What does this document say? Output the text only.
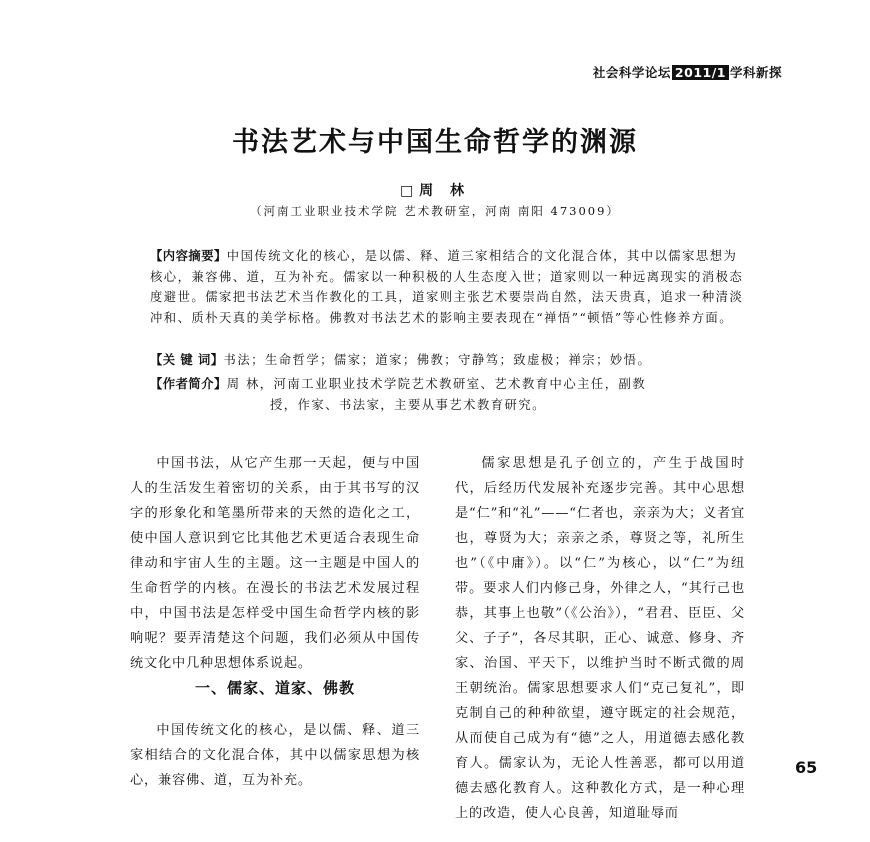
社会科学论坛 2011/1 学科新探
书法艺术与中国生命哲学的渊源
□周 林
（河南工业职业技术学院 艺术教研室，河南 南阳 473009）
【内容摘要】中国传统文化的核心，是以儒、释、道三家相结合的文化混合体，其中以儒家思想为核心，兼容佛、道，互为补充。儒家以一种积极的人生态度入世；道家则以一种远离现实的消极态度避世。儒家把书法艺术当作教化的工具，道家则主张艺术要崇尚自然，法天贵真，追求一种清淡冲和、质朴天真的美学标格。佛教对书法艺术的影响主要表现在“禅悟”“顿悟”等心性修养方面。
【关 键 词】书法；生命哲学；儒家；道家；佛教；守静笃；致虚极；禅宗；妙悟。
【作者简介】周 林，河南工业职业技术学院艺术教研室、艺术教育中心主任，副教
授，作家、书法家，主要从事艺术教育研究。

中国书法，从它产生那一天起，便与中国人的生活发生着密切的关系，由于其书写的汉字的形象化和笔墨所带来的天然的造化之工，使中国人意识到它比其他艺术更适合表现生命律动和宇宙人生的主题。这一主题是中国人的生命哲学的内核。在漫长的书法艺术发展过程中，中国书法是怎样受中国生命哲学内核的影响呢？要弄清楚这个问题，我们必须从中国传统文化中几种思想体系说起。

一、儒家、道家、佛教

中国传统文化的核心，是以儒、释、道三家相结合的文化混合体，其中以儒家思想为核心，兼容佛、道，互为补充。

儒家思想是孔子创立的，产生于战国时代，后经历代发展补充逐步完善。其中心思想是“仁”和“礼”——“仁者也，亲亲为大；义者宜也，尊贤为大；亲亲之杀，尊贤之等，礼所生也”（《中庸》）。以“仁”为核心，以“仁”为纽带。要求人们内修己身，外律之人，“其行己也恭，其事上也敬”（《公治》），“君君、臣臣、父父、子子”，各尽其职，正心、诚意、修身、齐家、治国、平天下，以维护当时不断式微的周王朝统治。儒家思想要求人们“克己复礼”，即克制自己的种种欲望，遵守既定的社会规范，从而使自己成为有“德”之人，用道德去感化教育人。儒家认为，无论人性善恶，都可以用道德去感化教育人。这种教化方式，是一种心理上的改造，使人心良善，知道耻辱而

65
